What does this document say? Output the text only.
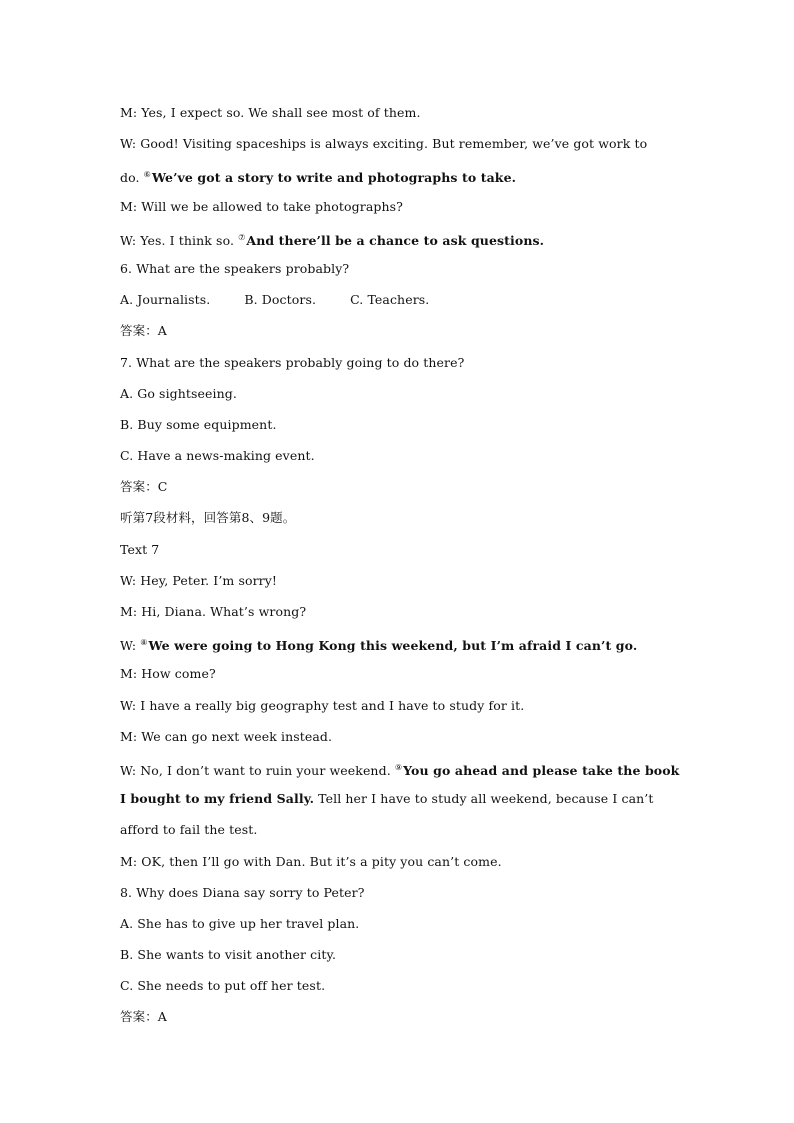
M: Yes, I expect so. We shall see most of them.
W: Good! Visiting spaceships is always exciting. But remember, we’ve got work to
do. ⑥We’ve got a story to write and photographs to take.
M: Will we be allowed to take photographs?
W: Yes. I think so. ⑦And there’ll be a chance to ask questions.
6. What are the speakers probably?
A. Journalists.	B. Doctors.	C. Teachers.
答案：A
7. What are the speakers probably going to do there?
A. Go sightseeing.
B. Buy some equipment.
C. Have a news-making event.
答案：C
听第7段材料，回答第8、9题。
Text 7
W: Hey, Peter. I’m sorry!
M: Hi, Diana. What’s wrong?
W: ⑧We were going to Hong Kong this weekend, but I’m afraid I can’t go.
M: How come?
W: I have a really big geography test and I have to study for it.
M: We can go next week instead.
W: No, I don’t want to ruin your weekend. ⑨You go ahead and please take the book
I bought to my friend Sally. Tell her I have to study all weekend, because I can’t
afford to fail the test.
M: OK, then I’ll go with Dan. But it’s a pity you can’t come.
8. Why does Diana say sorry to Peter?
A. She has to give up her travel plan.
B. She wants to visit another city.
C. She needs to put off her test.
答案：A
